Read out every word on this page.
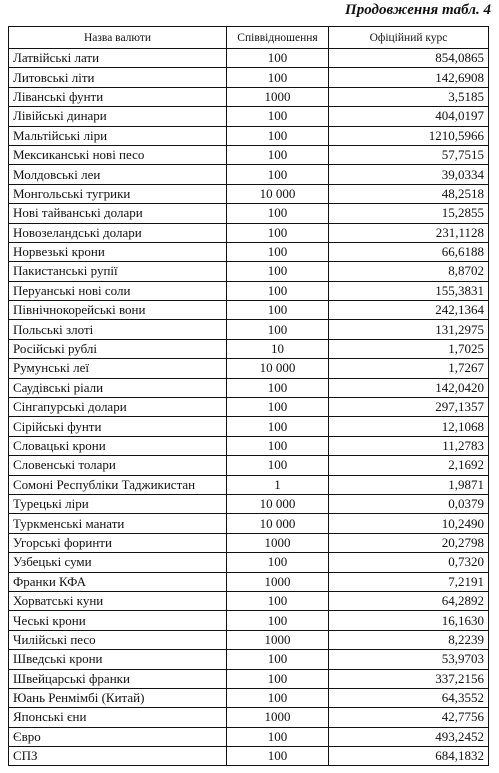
Продовження табл. 4
Назва валюти	Співвідношення	Офіційний курс
Латвійські лати	100	854,0865
Литовські літи	100	142,6908
Ліванські фунти	1000	3,5185
Лівійські динари	100	404,0197
Мальтійські ліри	100	1210,5966
Мексиканські нові песо	100	57,7515
Молдовські леи	100	39,0334
Монгольські тугрики	10 000	48,2518
Нові тайванські долари	100	15,2855
Новозеландські долари	100	231,1128
Норвезькі крони	100	66,6188
Пакистанські рупії	100	8,8702
Перуанські нові соли	100	155,3831
Північнокорейські вони	100	242,1364
Польські злоті	100	131,2975
Російські рублі	10	1,7025
Румунські леї	10 000	1,7267
Саудівські ріали	100	142,0420
Сінгапурські долари	100	297,1357
Сірійські фунти	100	12,1068
Словацькі крони	100	11,2783
Словенські толари	100	2,1692
Сомоні Республіки Таджикистан	1	1,9871
Турецькі ліри	10 000	0,0379
Туркменські манати	10 000	10,2490
Угорські форинти	1000	20,2798
Узбецькі суми	100	0,7320
Франки КФА	1000	7,2191
Хорватські куни	100	64,2892
Чеські крони	100	16,1630
Чилійські песо	1000	8,2239
Шведські крони	100	53,9703
Швейцарські франки	100	337,2156
Юань Ренмімбі (Китай)	100	64,3552
Японські єни	1000	42,7756
Євро	100	493,2452
СПЗ	100	684,1832
